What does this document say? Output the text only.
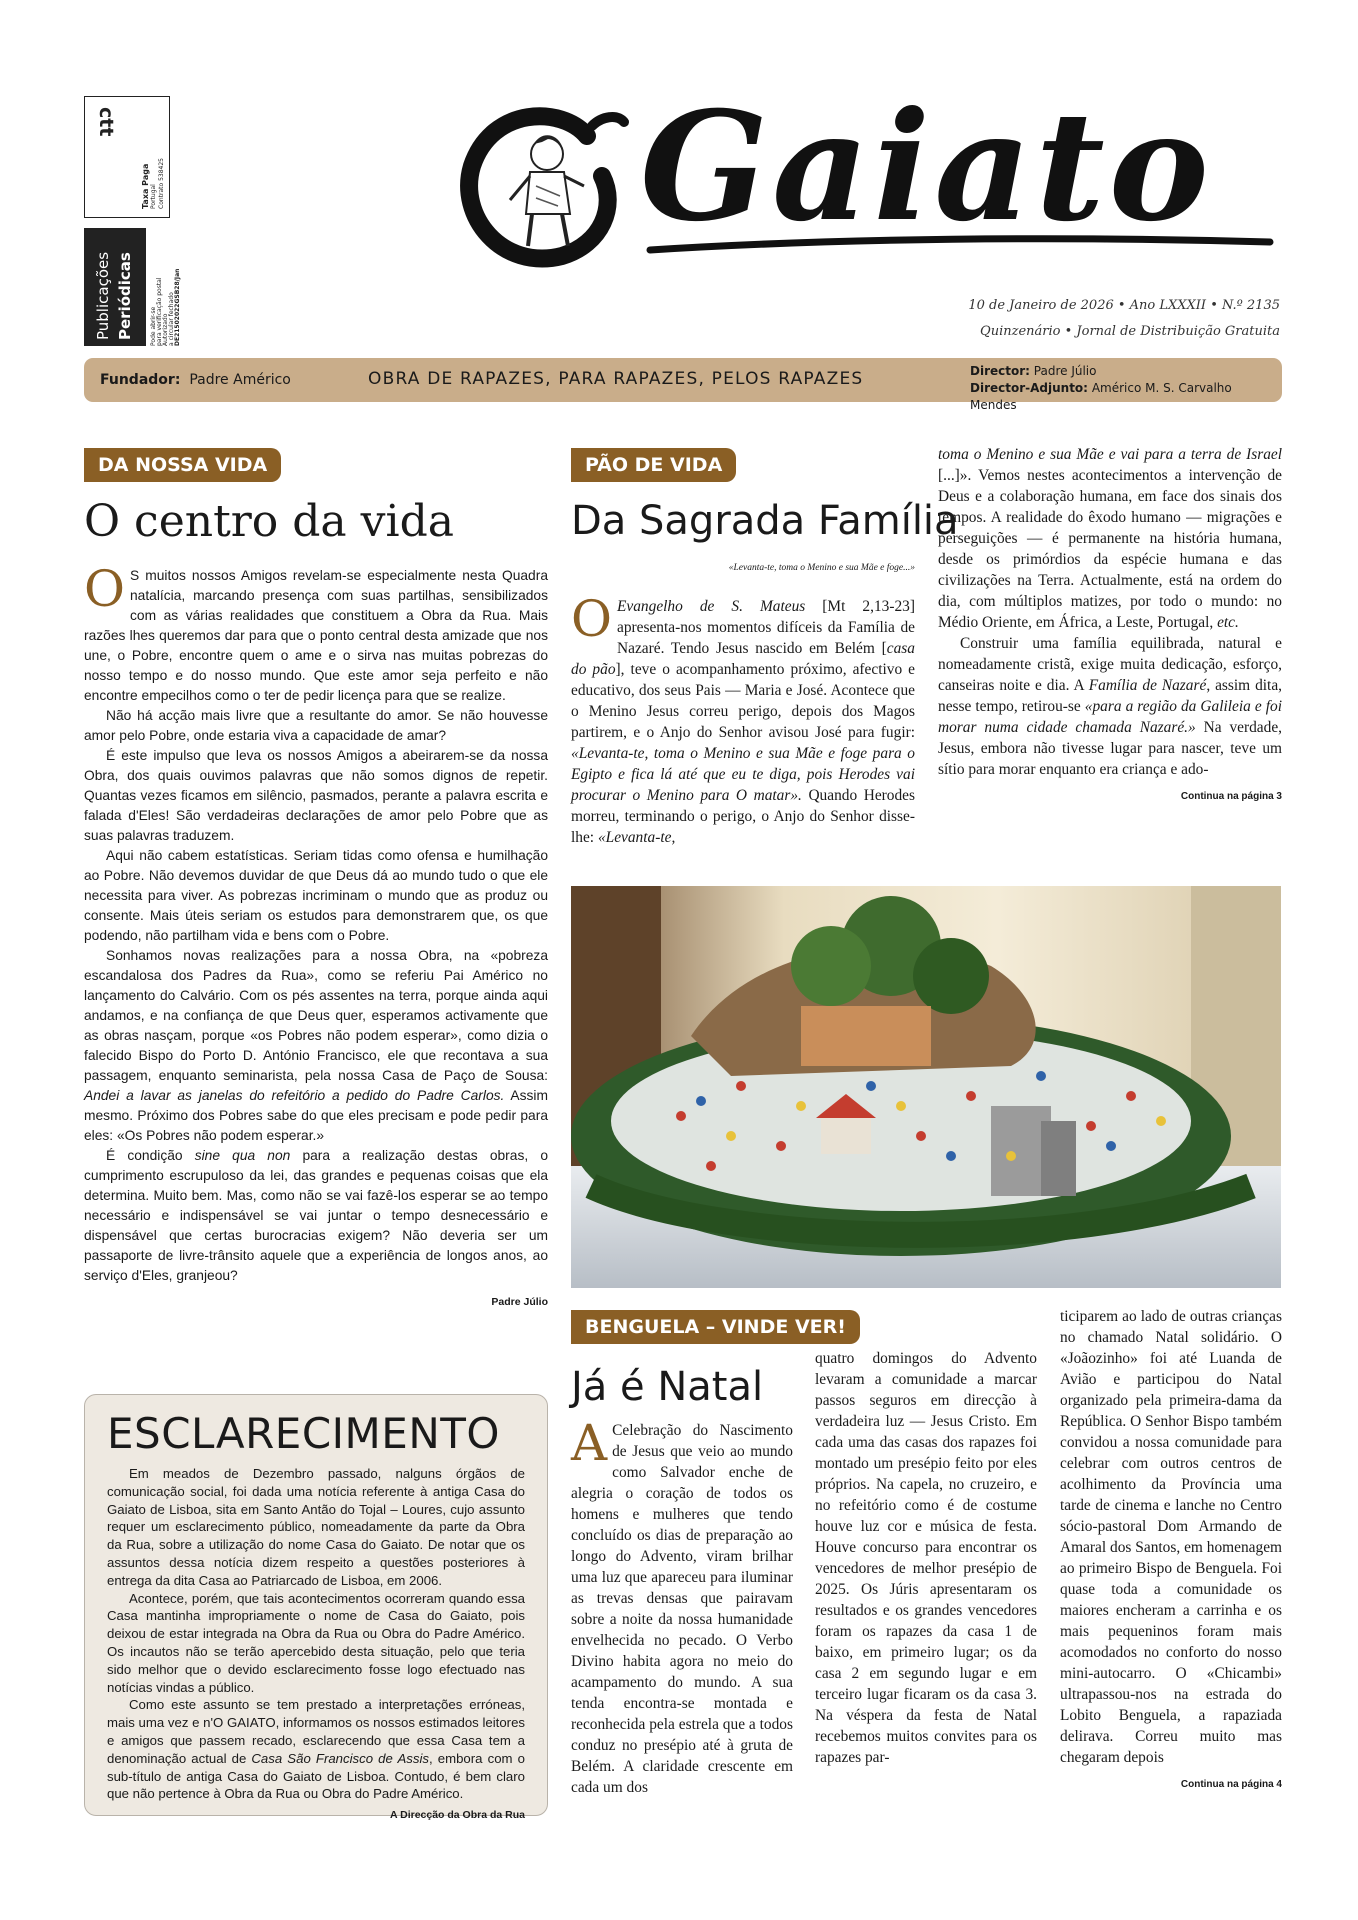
ctt
Taxa Paga Portugal Contrato 538425
Publicações Periódicas	Pode abrir-se para verificação postal Autorizado a circular fechado DE21502022GSB28/Jan
Gaiato
10 de Janeiro de 2026 • Ano LXXXII • N.º 2135
Quinzenário • Jornal de Distribuição Gratuita
Fundador: Padre Américo	OBRA DE RAPAZES, PARA RAPAZES, PELOS RAPAZES	Director: Padre Júlio
Director-Adjunto: Américo M. S. Carvalho Mendes
DA NOSSA VIDA
O centro da vida

O S muitos nossos Amigos revelam-se especialmente nesta Quadra natalícia, marcando presença com suas partilhas, sensibilizados com as várias realidades que constituem a Obra da Rua. Mais razões lhes queremos dar para que o ponto central desta amizade que nos une, o Pobre, encontre quem o ame e o sirva nas muitas pobrezas do nosso tempo e do nosso mundo. Que este amor seja perfeito e não encontre empecilhos como o ter de pedir licença para que se realize.

Não há acção mais livre que a resultante do amor. Se não houvesse amor pelo Pobre, onde estaria viva a capacidade de amar?

É este impulso que leva os nossos Amigos a abeirarem-se da nossa Obra, dos quais ouvimos palavras que não somos dignos de repetir. Quantas vezes ficamos em silêncio, pasmados, perante a palavra escrita e falada d'Eles! São verdadeiras declarações de amor pelo Pobre que as suas palavras traduzem.

Aqui não cabem estatísticas. Seriam tidas como ofensa e humilhação ao Pobre. Não devemos duvidar de que Deus dá ao mundo tudo o que ele necessita para viver. As pobrezas incriminam o mundo que as produz ou consente. Mais úteis seriam os estudos para demonstrarem que, os que podendo, não partilham vida e bens com o Pobre.

Sonhamos novas realizações para a nossa Obra, na «pobreza escandalosa dos Padres da Rua», como se referiu Pai Américo no lançamento do Calvário. Com os pés assentes na terra, porque ainda aqui andamos, e na confiança de que Deus quer, esperamos activamente que as obras nasçam, porque «os Pobres não podem esperar», como dizia o falecido Bispo do Porto D. António Francisco, ele que recontava a sua passagem, enquanto seminarista, pela nossa Casa de Paço de Sousa: Andei a lavar as janelas do refeitório a pedido do Padre Carlos. Assim mesmo. Próximo dos Pobres sabe do que eles precisam e pode pedir para eles: «Os Pobres não podem esperar.»

É condição sine qua non para a realização destas obras, o cumprimento escrupuloso da lei, das grandes e pequenas coisas que ela determina. Muito bem. Mas, como não se vai fazê-los esperar se ao tempo necessário e indispensável se vai juntar o tempo desnecessário e dispensável que certas burocracias exigem? Não deveria ser um passaporte de livre-trânsito aquele que a experiência de longos anos, ao serviço d'Eles, granjeou?

Padre Júlio
ESCLARECIMENTO

Em meados de Dezembro passado, nalguns órgãos de comunicação social, foi dada uma notícia referente à antiga Casa do Gaiato de Lisboa, sita em Santo Antão do Tojal – Loures, cujo assunto requer um esclarecimento público, nomeadamente da parte da Obra da Rua, sobre a utilização do nome Casa do Gaiato. De notar que os assuntos dessa notícia dizem respeito a questões posteriores à entrega da dita Casa ao Patriarcado de Lisboa, em 2006.

Acontece, porém, que tais acontecimentos ocorreram quando essa Casa mantinha impropriamente o nome de Casa do Gaiato, pois deixou de estar integrada na Obra da Rua ou Obra do Padre Américo. Os incautos não se terão apercebido desta situação, pelo que teria sido melhor que o devido esclarecimento fosse logo efectuado nas notícias vindas a público.

Como este assunto se tem prestado a interpretações erróneas, mais uma vez e n'O GAIATO, informamos os nossos estimados leitores e amigos que passem recado, esclarecendo que essa Casa tem a denominação actual de Casa São Francisco de Assis, embora com o sub-título de antiga Casa do Gaiato de Lisboa. Contudo, é bem claro que não pertence à Obra da Rua ou Obra do Padre Américo.

A Direcção da Obra da Rua
PÃO DE VIDA
Da Sagrada Família
«Levanta-te, toma o Menino e sua Mãe e foge...»

O Evangelho de S. Mateus [Mt 2,13-23] apresenta-nos momentos difíceis da Família de Nazaré. Tendo Jesus nascido em Belém [casa do pão], teve o acompanhamento próximo, afectivo e educativo, dos seus Pais — Maria e José. Acontece que o Menino Jesus correu perigo, depois dos Magos partirem, e o Anjo do Senhor avisou José para fugir: «Levanta-te, toma o Menino e sua Mãe e foge para o Egipto e fica lá até que eu te diga, pois Herodes vai procurar o Menino para O matar». Quando Herodes morreu, terminando o perigo, o Anjo do Senhor disse-lhe: «Levanta-te,

toma o Menino e sua Mãe e vai para a terra de Israel [...]». Vemos nestes acontecimentos a intervenção de Deus e a colaboração humana, em face dos sinais dos tempos. A realidade do êxodo humano — migrações e perseguições — é permanente na história humana, desde os primórdios da espécie humana e das civilizações na Terra. Actualmente, está na ordem do dia, com múltiplos matizes, por todo o mundo: no Médio Oriente, em África, a Leste, Portugal, etc.

Construir uma família equilibrada, natural e nomeadamente cristã, exige muita dedicação, esforço, canseiras noite e dia. A Família de Nazaré, assim dita, nesse tempo, retirou-se «para a região da Galileia e foi morar numa cidade chamada Nazaré.» Na verdade, Jesus, embora não tivesse lugar para nascer, teve um sítio para morar enquanto era criança e ado-

Continua na página 3
BENGUELA – VINDE VER!
Já é Natal

A Celebração do Nascimento de Jesus que veio ao mundo como Salvador enche de alegria o coração de todos os homens e mulheres que tendo concluído os dias de preparação ao longo do Advento, viram brilhar uma luz que apareceu para iluminar as trevas densas que pairavam sobre a noite da nossa humanidade envelhecida no pecado. O Verbo Divino habita agora no meio do acampamento do mundo. A sua tenda encontra-se montada e reconhecida pela estrela que a todos conduz no presépio até à gruta de Belém. A claridade crescente em cada um dos

quatro domingos do Advento levaram a comunidade a marcar passos seguros em direcção à verdadeira luz — Jesus Cristo. Em cada uma das casas dos rapazes foi montado um presépio feito por eles próprios. Na capela, no cruzeiro, e no refeitório como é de costume houve luz cor e música de festa. Houve concurso para encontrar os vencedores de melhor presépio de 2025. Os Júris apresentaram os resultados e os grandes vencedores foram os rapazes da casa 1 de baixo, em primeiro lugar; os da casa 2 em segundo lugar e em terceiro lugar ficaram os da casa 3. Na véspera da festa de Natal recebemos muitos convites para os rapazes par-

ticiparem ao lado de outras crianças no chamado Natal solidário. O «Joãozinho» foi até Luanda de Avião e participou do Natal organizado pela primeira-dama da República. O Senhor Bispo também convidou a nossa comunidade para celebrar com outros centros de acolhimento da Província uma tarde de cinema e lanche no Centro sócio-pastoral Dom Armando de Amaral dos Santos, em homenagem ao primeiro Bispo de Benguela. Foi quase toda a comunidade os maiores encheram a carrinha e os mais pequeninos foram mais acomodados no conforto do nosso mini-autocarro. O «Chicambi» ultrapassou-nos na estrada do Lobito Benguela, a rapaziada delirava. Correu muito mas chegaram depois

Continua na página 4
